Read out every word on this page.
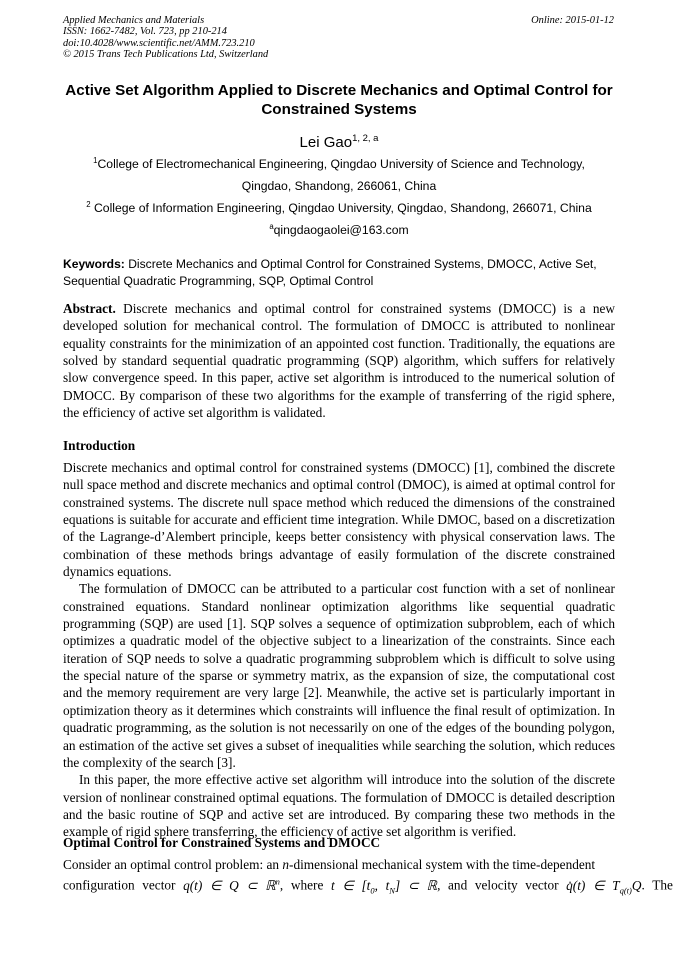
Applied Mechanics and Materials
ISSN: 1662-7482, Vol. 723, pp 210-214
doi:10.4028/www.scientific.net/AMM.723.210
© 2015 Trans Tech Publications Ltd, Switzerland
Online: 2015-01-12
Active Set Algorithm Applied to Discrete Mechanics and Optimal Control for Constrained Systems
Lei Gao$^{1, 2, a}$
$^1$College of Electromechanical Engineering, Qingdao University of Science and Technology,
Qingdao, Shandong, 266061, China
$^2$ College of Information Engineering, Qingdao University, Qingdao, Shandong, 266071, China
$^a$qingdaogaolei@163.com
Keywords: Discrete Mechanics and Optimal Control for Constrained Systems, DMOCC, Active Set, Sequential Quadratic Programming, SQP, Optimal Control
Abstract. Discrete mechanics and optimal control for constrained systems (DMOCC) is a new developed solution for mechanical control. The formulation of DMOCC is attributed to nonlinear equality constraints for the minimization of an appointed cost function. Traditionally, the equations are solved by standard sequential quadratic programming (SQP) algorithm, which suffers for relatively slow convergence speed. In this paper, active set algorithm is introduced to the numerical solution of DMOCC. By comparison of these two algorithms for the example of transferring of the rigid sphere, the efficiency of active set algorithm is validated.
Introduction
Discrete mechanics and optimal control for constrained systems (DMOCC) [1], combined the discrete null space method and discrete mechanics and optimal control (DMOC), is aimed at optimal control for constrained systems. The discrete null space method which reduced the dimensions of the constrained equations is suitable for accurate and efficient time integration. While DMOC, based on a discretization of the Lagrange-d’Alembert principle, keeps better consistency with physical conservation laws. The combination of these methods brings advantage of easily formulation of the discrete constrained dynamics equations.
The formulation of DMOCC can be attributed to a particular cost function with a set of nonlinear constrained equations. Standard nonlinear optimization algorithms like sequential quadratic programming (SQP) are used [1]. SQP solves a sequence of optimization subproblem, each of which optimizes a quadratic model of the objective subject to a linearization of the constraints. Since each iteration of SQP needs to solve a quadratic programming subproblem which is difficult to solve using the special nature of the sparse or symmetry matrix, as the expansion of size, the computational cost and the memory requirement are very large [2]. Meanwhile, the active set is particularly important in optimization theory as it determines which constraints will influence the final result of optimization. In quadratic programming, as the solution is not necessarily on one of the edges of the bounding polygon, an estimation of the active set gives a subset of inequalities while searching the solution, which reduces the complexity of the search [3].
In this paper, the more effective active set algorithm will introduce into the solution of the discrete version of nonlinear constrained optimal equations. The formulation of DMOCC is detailed description and the basic routine of SQP and active set are introduced. By comparing these two methods in the example of rigid sphere transferring, the efficiency of active set algorithm is verified.
Optimal Control for Constrained Systems and DMOCC
Consider an optimal control problem: an n-dimensional mechanical system with the time-dependent
configuration vector q(t) ∈ Q ⊂ ℝ$^n$, where t ∈ [$t_0$, $t_N$] ⊂ ℝ, and velocity vector q̇(t) ∈ $T_{q(t)}Q$. The
